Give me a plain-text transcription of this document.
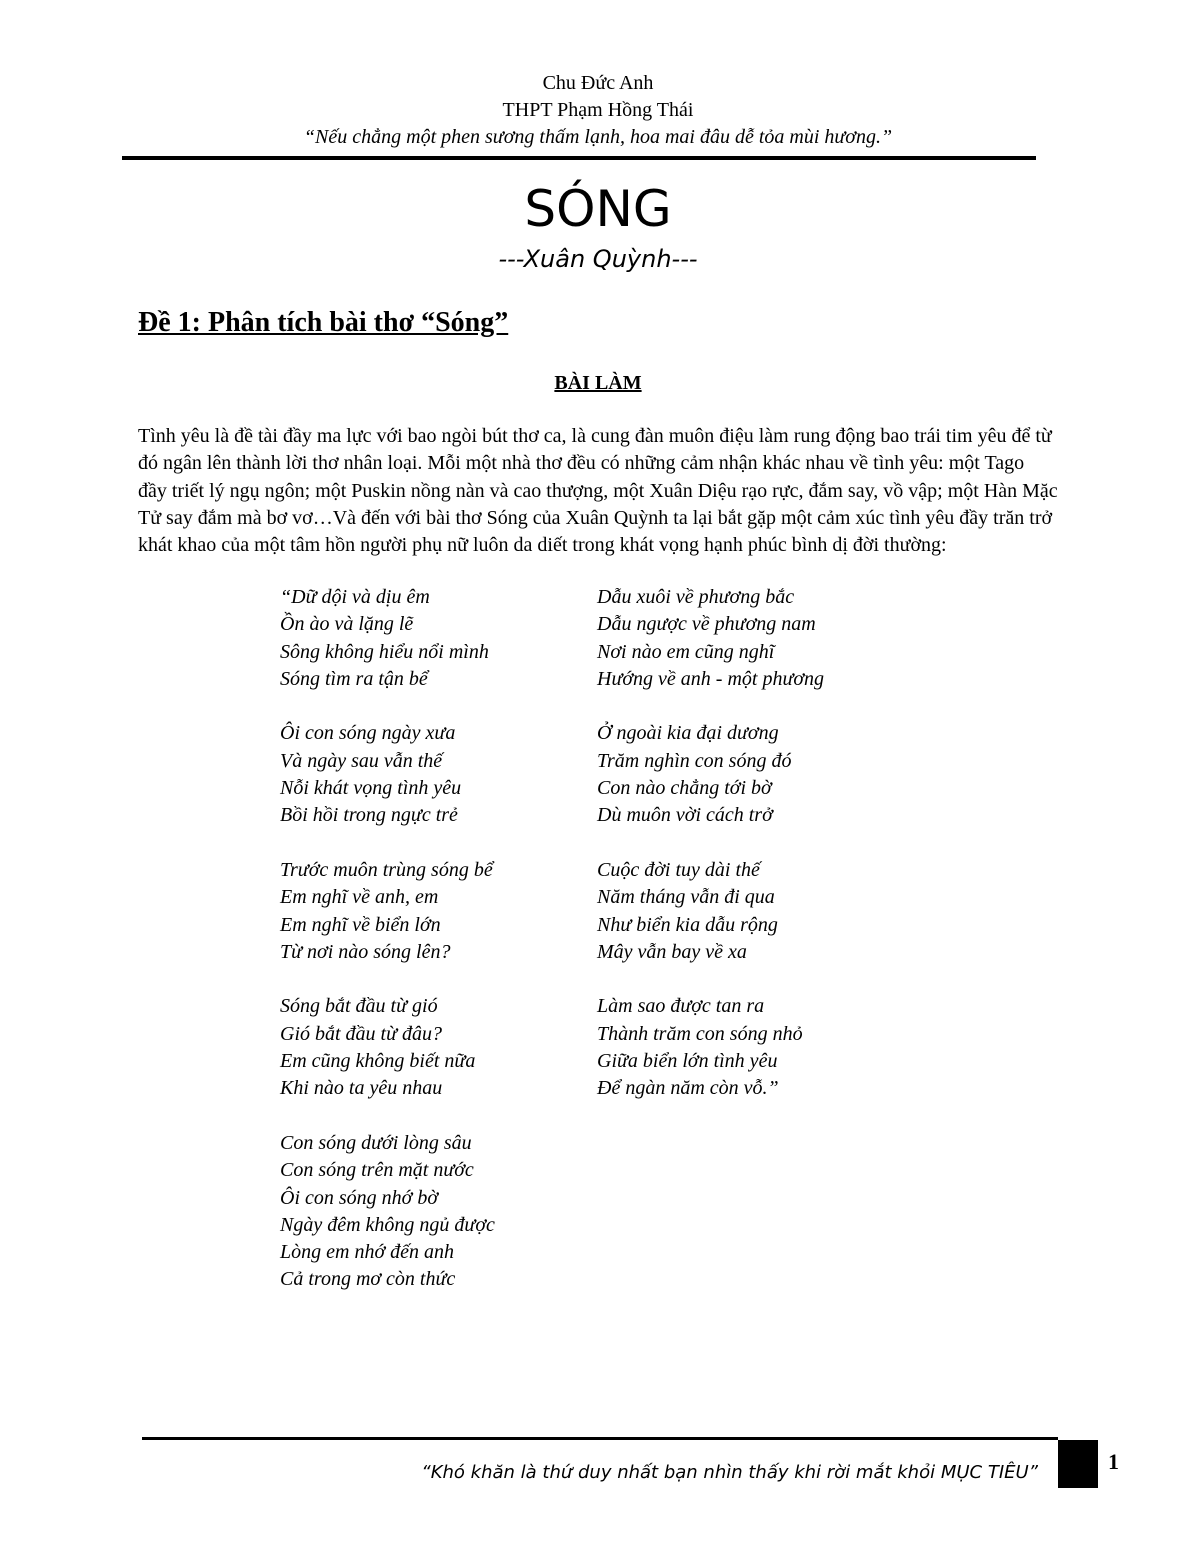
Chu Đức Anh
THPT Phạm Hồng Thái
“Nếu chẳng một phen sương thấm lạnh, hoa mai đâu dễ tỏa mùi hương.”
SÓNG
---Xuân Quỳnh---
Đề 1: Phân tích bài thơ “Sóng”
BÀI LÀM
Tình yêu là đề tài đầy ma lực với bao ngòi bút thơ ca, là cung đàn muôn điệu làm rung động bao trái tim yêu để từ đó ngân lên thành lời thơ nhân loại. Mỗi một nhà thơ đều có những cảm nhận khác nhau về tình yêu: một Tago đầy triết lý ngụ ngôn; một Puskin nồng nàn và cao thượng, một Xuân Diệu rạo rực, đắm say, vồ vập; một Hàn Mặc Tử say đắm mà bơ vơ…Và đến với bài thơ Sóng của Xuân Quỳnh ta lại bắt gặp một cảm xúc tình yêu đầy trăn trở khát khao của một tâm hồn người phụ nữ luôn da diết trong khát vọng hạnh phúc bình dị đời thường:
“Dữ dội và dịu êm
Ồn ào và lặng lẽ
Sông không hiểu nổi mình
Sóng tìm ra tận bể
Ôi con sóng ngày xưa
Và ngày sau vẫn thế
Nỗi khát vọng tình yêu
Bồi hồi trong ngực trẻ
Trước muôn trùng sóng bể
Em nghĩ về anh, em
Em nghĩ về biển lớn
Từ nơi nào sóng lên?
Sóng bắt đầu từ gió
Gió bắt đầu từ đâu?
Em cũng không biết nữa
Khi nào ta yêu nhau
Con sóng dưới lòng sâu
Con sóng trên mặt nước
Ôi con sóng nhớ bờ
Ngày đêm không ngủ được
Lòng em nhớ đến anh
Cả trong mơ còn thức
Dẫu xuôi về phương bắc
Dẫu ngược về phương nam
Nơi nào em cũng nghĩ
Hướng về anh - một phương
Ở ngoài kia đại dương
Trăm nghìn con sóng đó
Con nào chẳng tới bờ
Dù muôn vời cách trở
Cuộc đời tuy dài thế
Năm tháng vẫn đi qua
Như biển kia dẫu rộng
Mây vẫn bay về xa
Làm sao được tan ra
Thành trăm con sóng nhỏ
Giữa biển lớn tình yêu
Để ngàn năm còn vỗ.”
“Khó khăn là thứ duy nhất bạn nhìn thấy khi rời mắt khỏi MỤC TIÊU”	1
